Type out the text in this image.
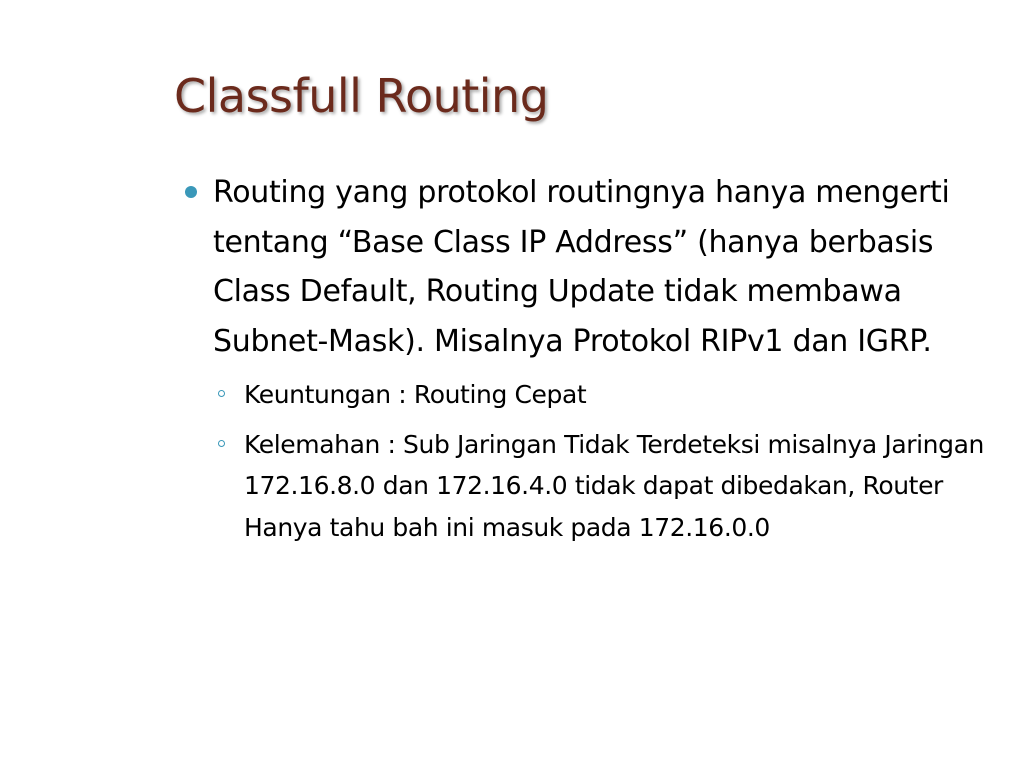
Classfull Routing
Routing yang protokol routingnya hanya mengerti tentang “Base Class IP Address” (hanya berbasis Class Default, Routing Update tidak membawa Subnet-Mask). Misalnya Protokol RIPv1 dan IGRP.
Keuntungan : Routing Cepat
Kelemahan : Sub Jaringan Tidak Terdeteksi misalnya Jaringan 172.16.8.0 dan 172.16.4.0 tidak dapat dibedakan, Router Hanya tahu bah ini masuk pada 172.16.0.0
